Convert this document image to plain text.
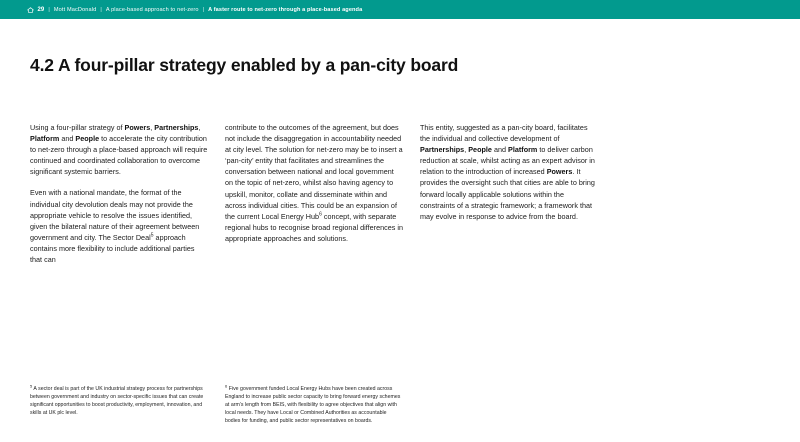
29 | Mott MacDonald | A place-based approach to net-zero | A faster route to net-zero through a place-based agenda
4.2 A four-pillar strategy enabled by a pan-city board

Using a four-pillar strategy of Powers, Partnerships, Platform and People to accelerate the city contribution to net-zero through a place-based approach will require continued and coordinated collaboration to overcome significant systemic barriers.

Even with a national mandate, the format of the individual city devolution deals may not provide the appropriate vehicle to resolve the issues identified, given the bilateral nature of their agreement between government and city. The Sector Deal$^5$ approach contains more flexibility to include additional parties that can

contribute to the outcomes of the agreement, but does not include the disaggregation in accountability needed at city level. The solution for net-zero may be to insert a ‘pan-city’ entity that facilitates and streamlines the conversation between national and local government on the topic of net-zero, whilst also having agency to upskill, monitor, collate and disseminate within and across individual cities. This could be an expansion of the current Local Energy Hub$^6$ concept, with separate regional hubs to recognise broad regional differences in appropriate approaches and solutions.

This entity, suggested as a pan-city board, facilitates the individual and collective development of Partnerships, People and Platform to deliver carbon reduction at scale, whilst acting as an expert advisor in relation to the introduction of increased Powers. It provides the oversight such that cities are able to bring forward locally applicable solutions within the constraints of a strategic framework; a framework that may evolve in response to advice from the board.

$^5$ A sector deal is part of the UK industrial strategy process for partnerships between government and industry on sector-specific issues that can create significant opportunities to boost productivity, employment, innovation, and skills at UK plc level.
$^6$ Five government funded Local Energy Hubs have been created across England to increase public sector capacity to bring forward energy schemes at arm’s length from BEIS, with flexibility to agree objectives that align with local needs. They have Local or Combined Authorities as accountable bodies for funding, and public sector representatives on boards.
